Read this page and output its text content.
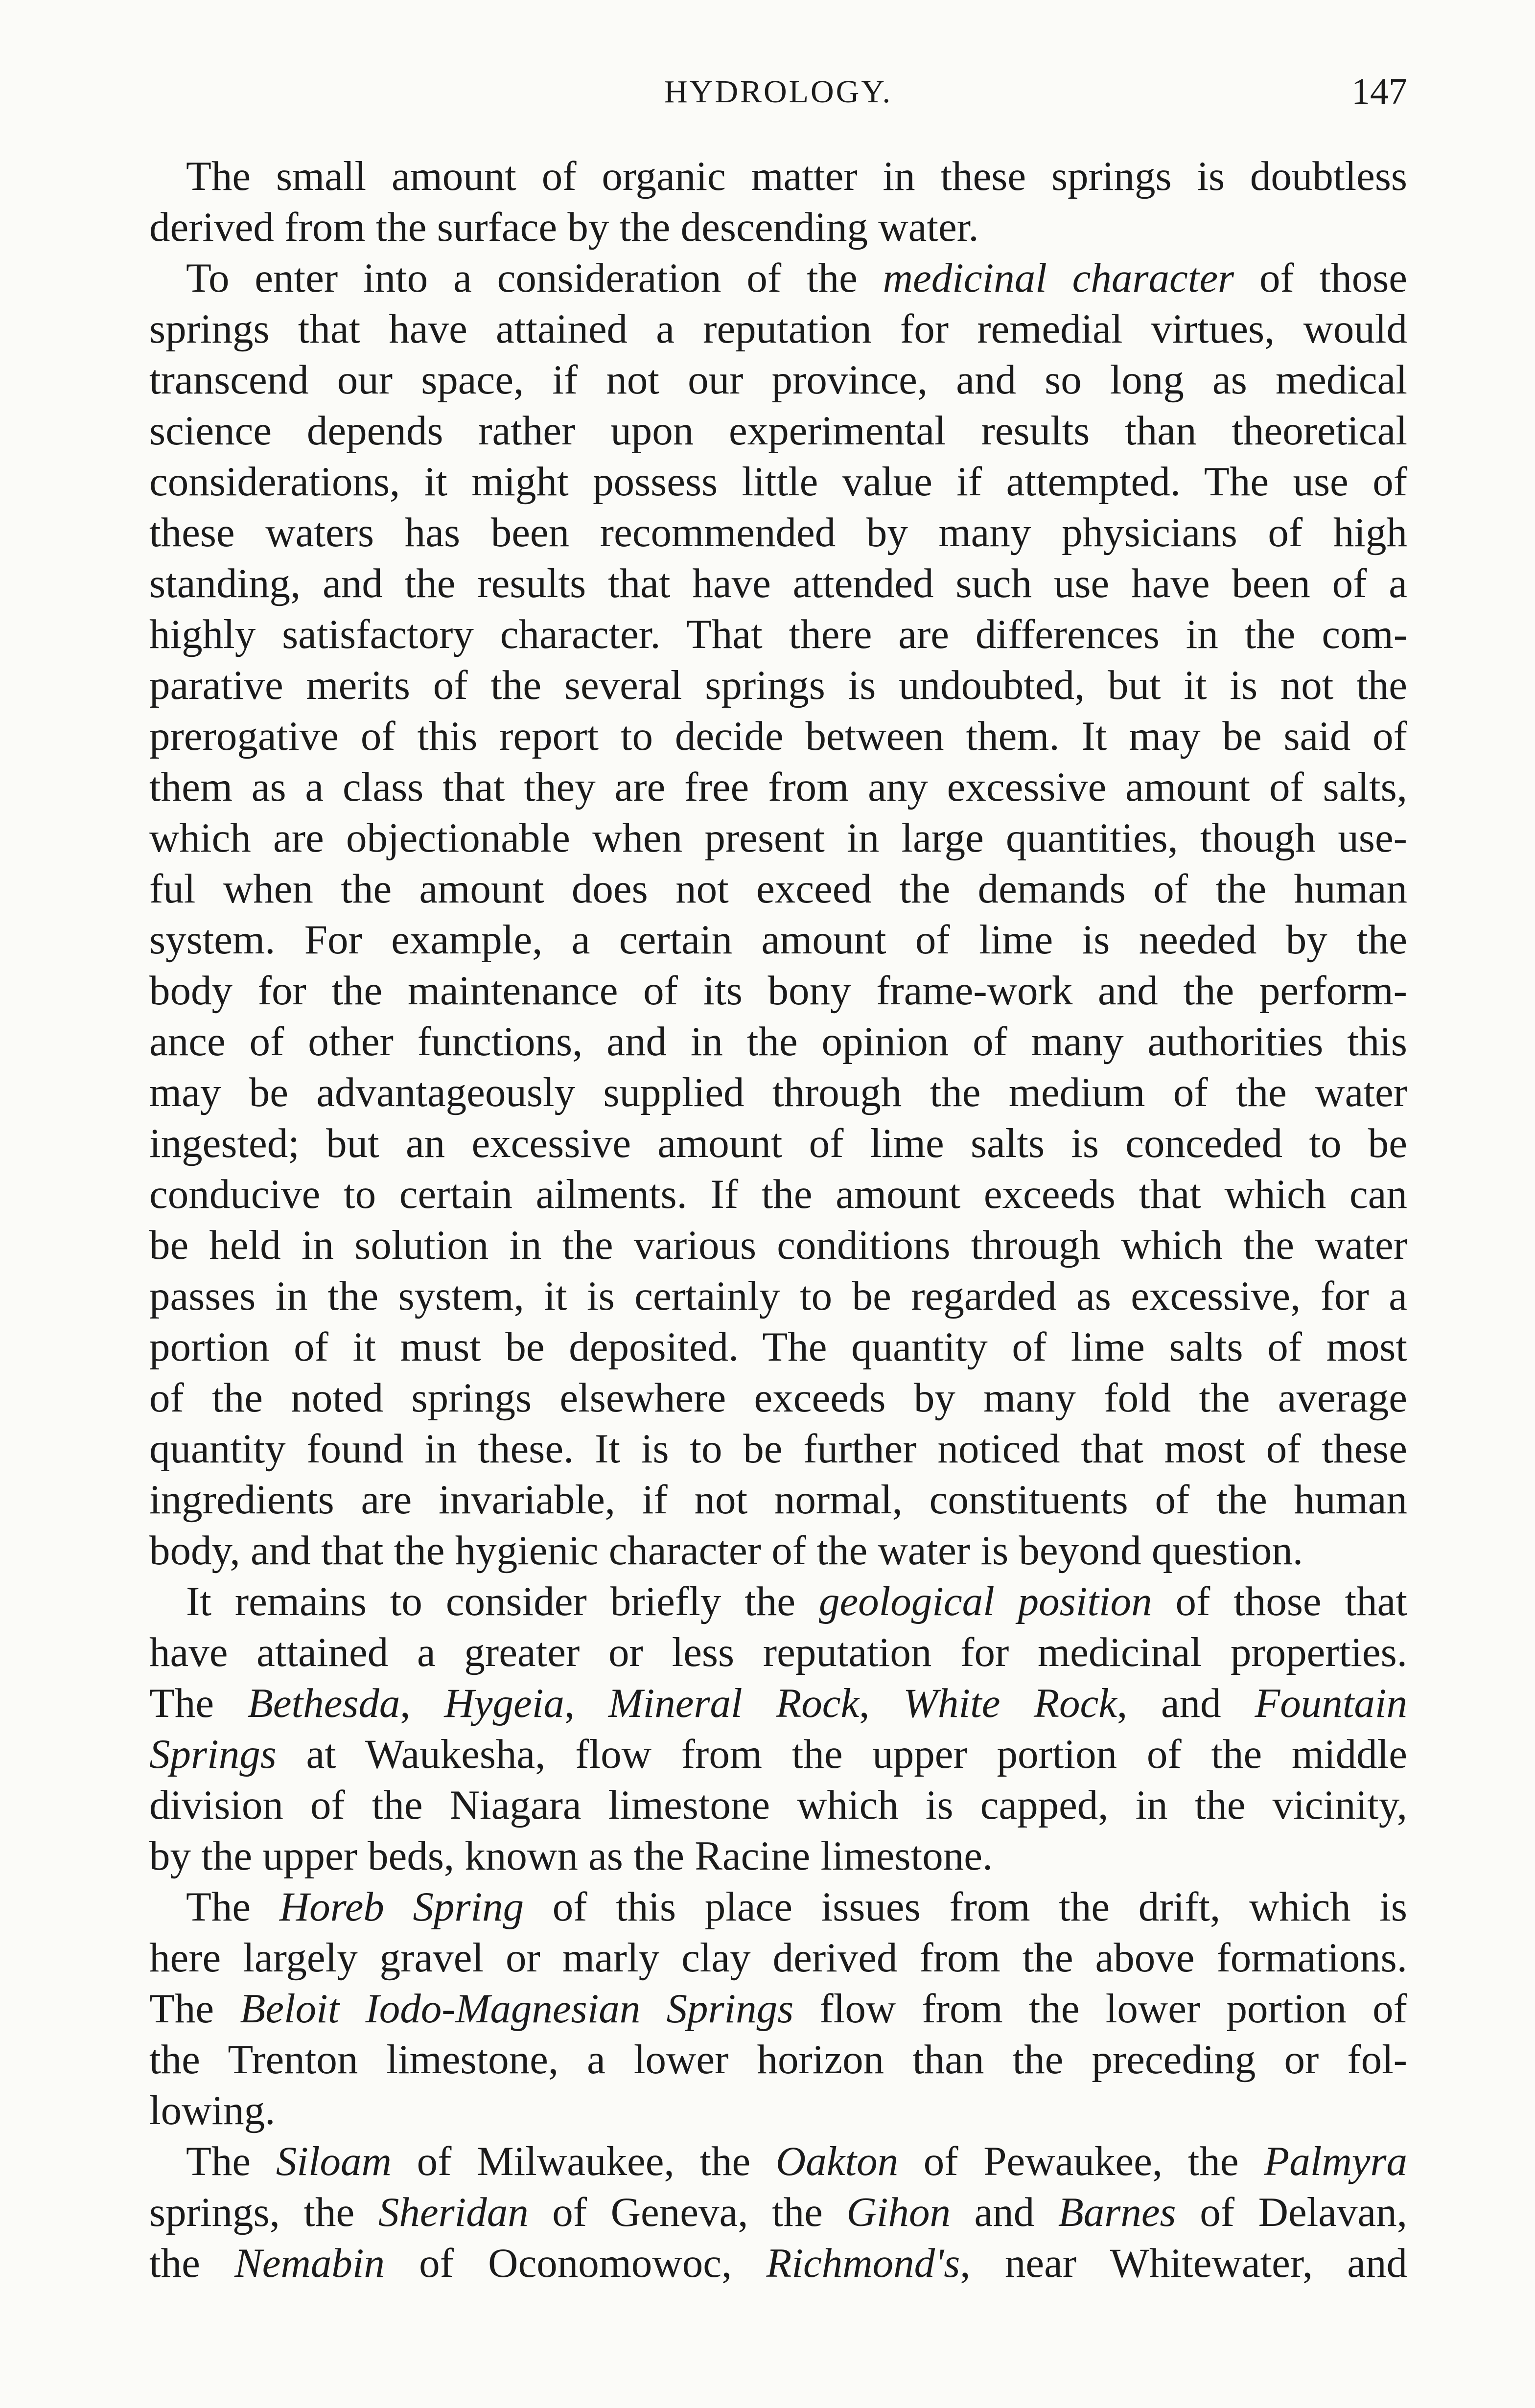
HYDROLOGY.	147
The small amount of organic matter in these springs is doubtless
derived from the surface by the descending water.
To enter into a consideration of the medicinal character of those
springs that have attained a reputation for remedial virtues, would
transcend our space, if not our province, and so long as medical
science depends rather upon experimental results than theoretical
considerations, it might possess little value if attempted. The use of
these waters has been recommended by many physicians of high
standing, and the results that have attended such use have been of a
highly satisfactory character. That there are differences in the com-
parative merits of the several springs is undoubted, but it is not the
prerogative of this report to decide between them. It may be said of
them as a class that they are free from any excessive amount of salts,
which are objectionable when present in large quantities, though use-
ful when the amount does not exceed the demands of the human
system. For example, a certain amount of lime is needed by the
body for the maintenance of its bony frame-work and the perform-
ance of other functions, and in the opinion of many authorities this
may be advantageously supplied through the medium of the water
ingested; but an excessive amount of lime salts is conceded to be
conducive to certain ailments. If the amount exceeds that which can
be held in solution in the various conditions through which the water
passes in the system, it is certainly to be regarded as excessive, for a
portion of it must be deposited. The quantity of lime salts of most
of the noted springs elsewhere exceeds by many fold the average
quantity found in these. It is to be further noticed that most of these
ingredients are invariable, if not normal, constituents of the human
body, and that the hygienic character of the water is beyond question.
It remains to consider briefly the geological position of those that
have attained a greater or less reputation for medicinal properties.
The Bethesda, Hygeia, Mineral Rock, White Rock, and Fountain
Springs at Waukesha, flow from the upper portion of the middle
division of the Niagara limestone which is capped, in the vicinity,
by the upper beds, known as the Racine limestone.
The Horeb Spring of this place issues from the drift, which is
here largely gravel or marly clay derived from the above formations.
The Beloit Iodo-Magnesian Springs flow from the lower portion of
the Trenton limestone, a lower horizon than the preceding or fol-
lowing.
The Siloam of Milwaukee, the Oakton of Pewaukee, the Palmyra
springs, the Sheridan of Geneva, the Gihon and Barnes of Delavan,
the Nemabin of Oconomowoc, Richmond's, near Whitewater, and
